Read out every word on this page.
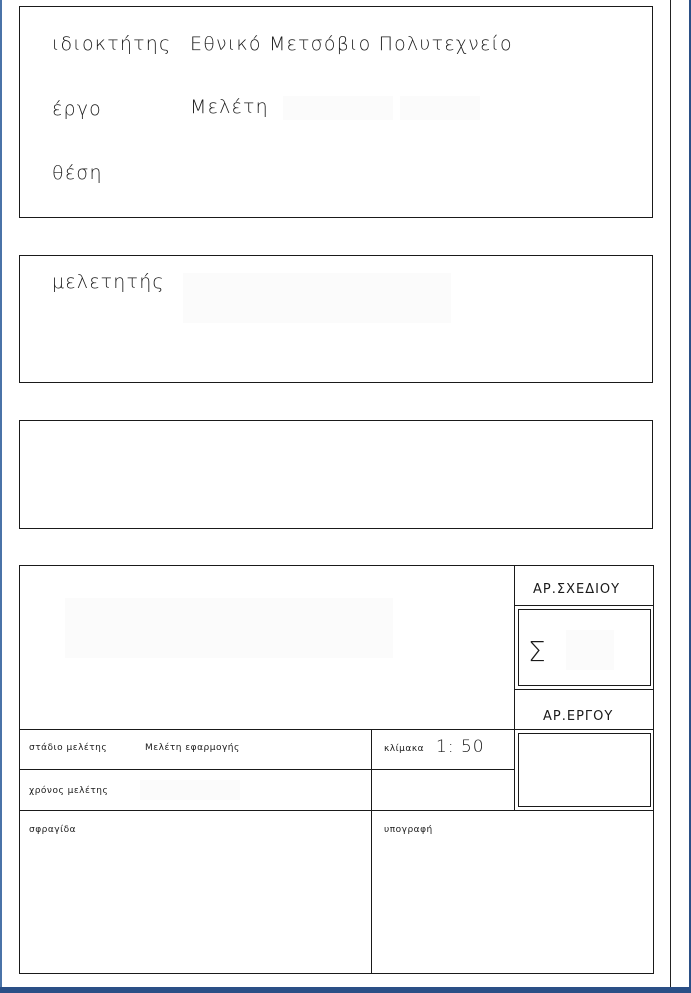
ιδιοκτήτης Εθνικό Μετσόβιο Πολυτεχνείο
έργο	Μελέτη
θέση
μελετητής
ΑΡ.ΣΧΕΔΙΟΥ
Σ
ΑΡ.ΕΡΓΟΥ
στάδιο μελέτης	Μελέτη εφαρμογής	κλίμακα 1: 50
χρόνος μελέτης
σφραγίδα	υπογραφή
